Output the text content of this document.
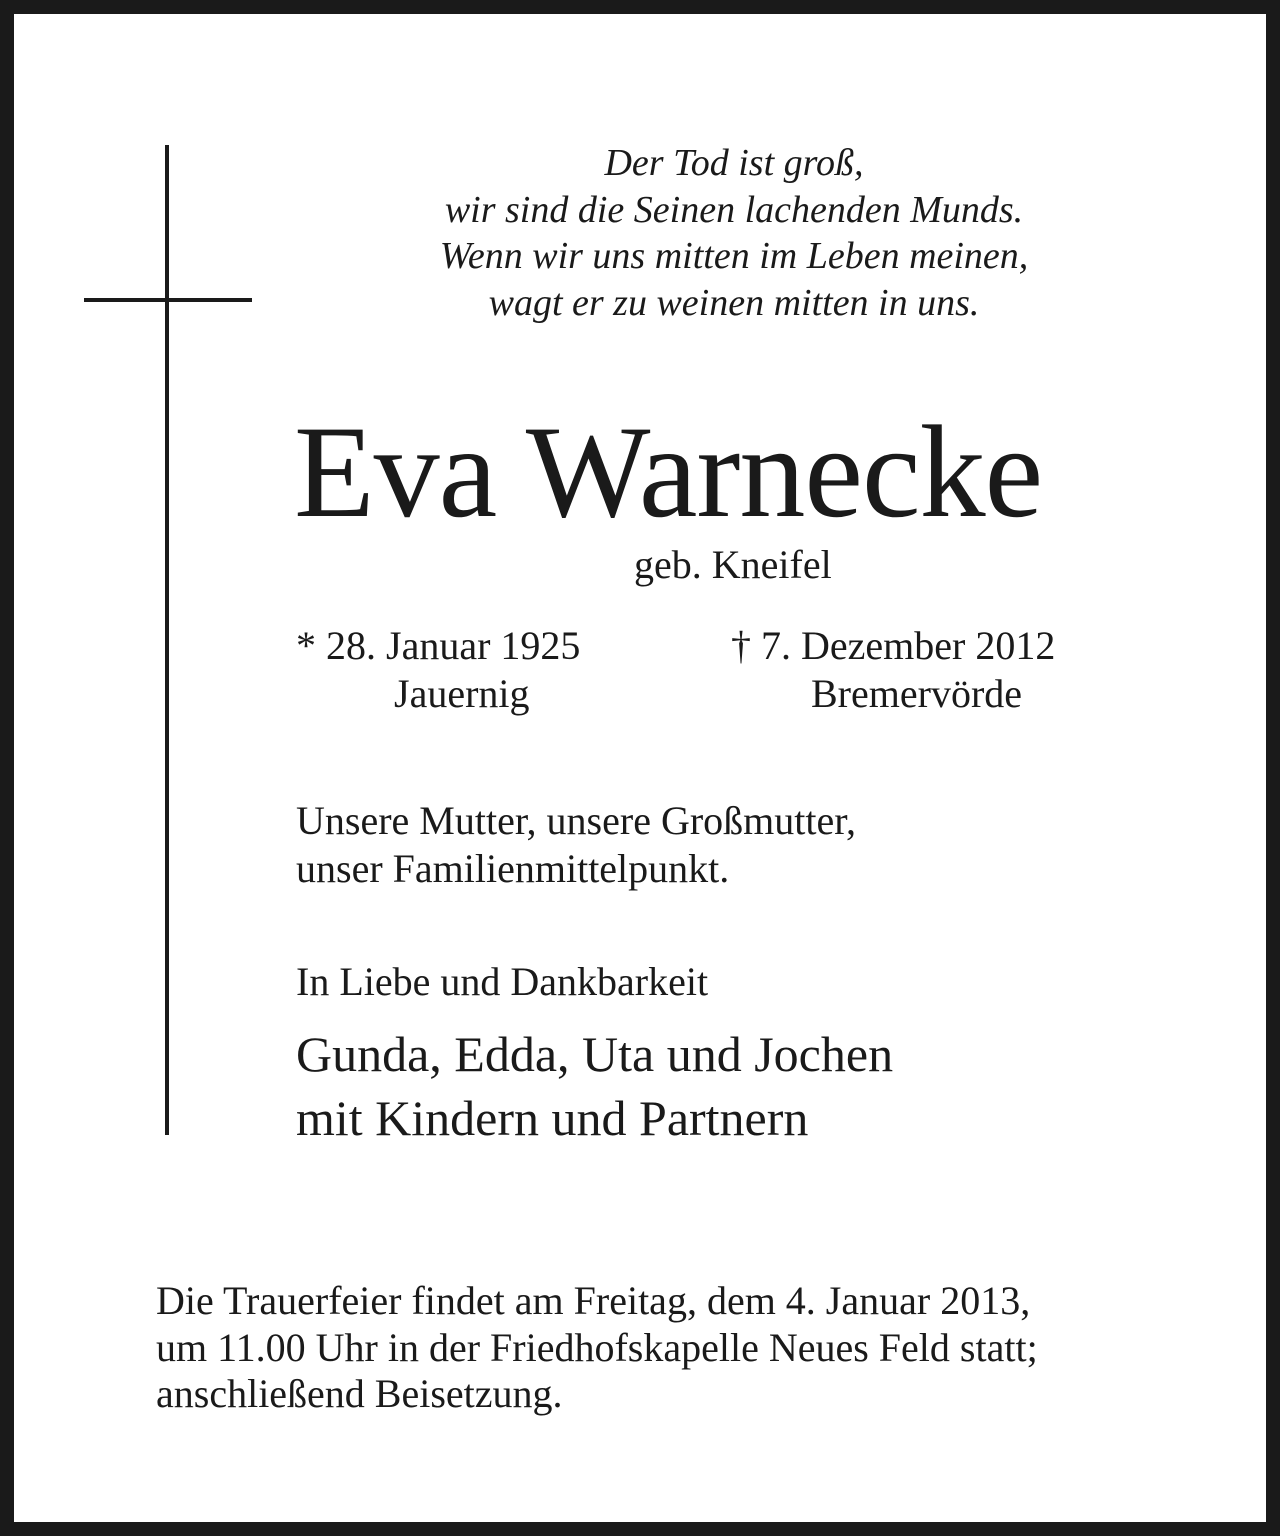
Der Tod ist groß,
wir sind die Seinen lachenden Munds.
Wenn wir uns mitten im Leben meinen,
wagt er zu weinen mitten in uns.
Eva Warnecke
geb. Kneifel
* 28. Januar 1925
Jauernig
† 7. Dezember 2012
Bremervörde
Unsere Mutter, unsere Großmutter,
unser Familienmittelpunkt.
In Liebe und Dankbarkeit
Gunda, Edda, Uta und Jochen
mit Kindern und Partnern
Die Trauerfeier findet am Freitag, dem 4. Januar 2013,
um 11.00 Uhr in der Friedhofskapelle Neues Feld statt;
anschließend Beisetzung.
